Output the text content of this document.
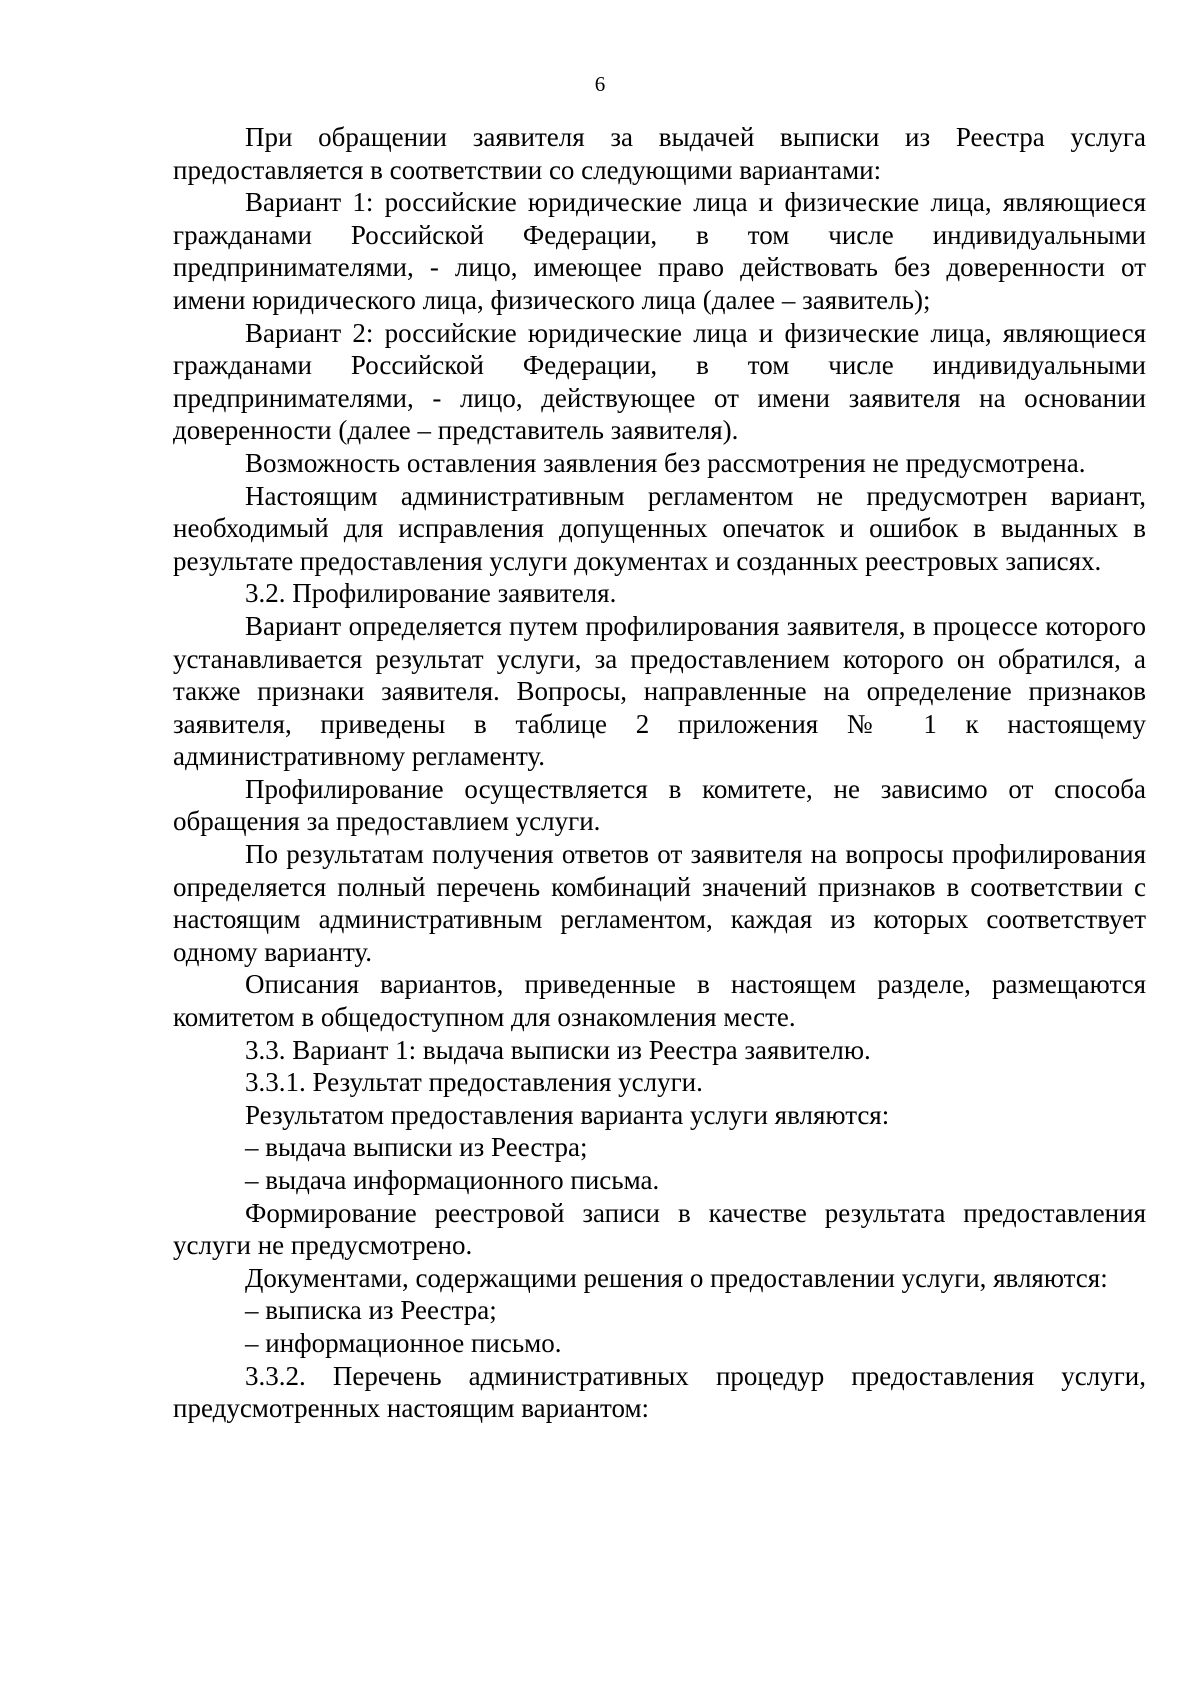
6

При обращении заявителя за выдачей выписки из Реестра услуга предоставляется в соответствии со следующими вариантами:

Вариант 1: российские юридические лица и физические лица, являющиеся гражданами Российской Федерации, в том числе индивидуальными предпринимателями, - лицо, имеющее право действовать без доверенности от имени юридического лица, физического лица (далее – заявитель);

Вариант 2: российские юридические лица и физические лица, являющиеся гражданами Российской Федерации, в том числе индивидуальными предпринимателями, - лицо, действующее от имени заявителя на основании доверенности (далее – представитель заявителя).

Возможность оставления заявления без рассмотрения не предусмотрена.

Настоящим административным регламентом не предусмотрен вариант, необходимый для исправления допущенных опечаток и ошибок в выданных в результате предоставления услуги документах и созданных реестровых записях.

3.2. Профилирование заявителя.

Вариант определяется путем профилирования заявителя, в процессе которого устанавливается результат услуги, за предоставлением которого он обратился, а также признаки заявителя. Вопросы, направленные на определение признаков заявителя, приведены в таблице 2 приложения № 1 к настоящему административному регламенту.

Профилирование осуществляется в комитете, не зависимо от способа обращения за предоставлием услуги.

По результатам получения ответов от заявителя на вопросы профилирования определяется полный перечень комбинаций значений признаков в соответствии с настоящим административным регламентом, каждая из которых соответствует одному варианту.

Описания вариантов, приведенные в настоящем разделе, размещаются комитетом в общедоступном для ознакомления месте.

3.3. Вариант 1: выдача выписки из Реестра заявителю.

3.3.1. Результат предоставления услуги.

Результатом предоставления варианта услуги являются:

– выдача выписки из Реестра;

– выдача информационного письма.

Формирование реестровой записи в качестве результата предоставления услуги не предусмотрено.

Документами, содержащими решения о предоставлении услуги, являются:

– выписка из Реестра;

– информационное письмо.

3.3.2. Перечень административных процедур предоставления услуги, предусмотренных настоящим вариантом:
